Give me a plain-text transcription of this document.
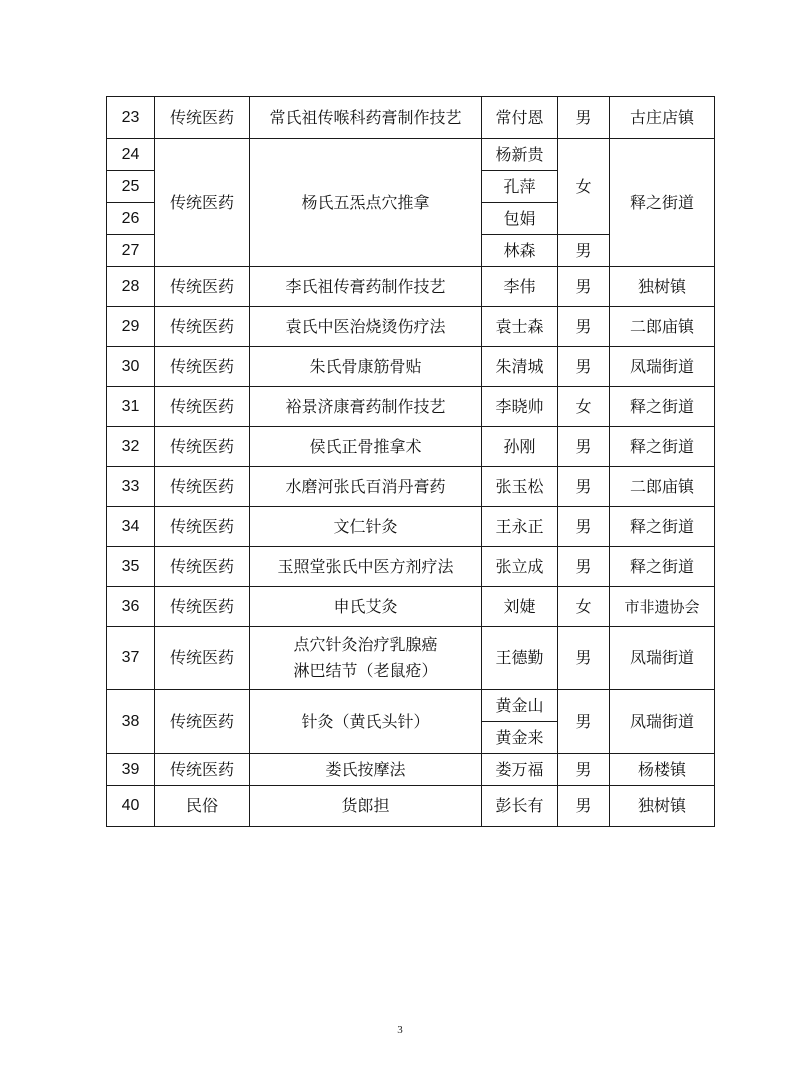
23	传统医药	常氏祖传喉科药膏制作技艺	常付恩	男	古庄店镇
24	传统医药	杨氏五炁点穴推拿	杨新贵	女	释之街道
25			孔萍		
26			包娟		
27			林森	男	
28	传统医药	李氏祖传膏药制作技艺	李伟	男	独树镇
29	传统医药	袁氏中医治烧烫伤疗法	袁士森	男	二郎庙镇
30	传统医药	朱氏骨康筋骨贴	朱清城	男	凤瑞街道
31	传统医药	裕景济康膏药制作技艺	李晓帅	女	释之街道
32	传统医药	侯氏正骨推拿术	孙刚	男	释之街道
33	传统医药	水磨河张氏百消丹膏药	张玉松	男	二郎庙镇
34	传统医药	文仁针灸	王永正	男	释之街道
35	传统医药	玉照堂张氏中医方剂疗法	张立成	男	释之街道
36	传统医药	申氏艾灸	刘婕	女	市非遗协会
37	传统医药	点穴针灸治疗乳腺癌
淋巴结节（老鼠疮）	王德勤	男	凤瑞街道
38	传统医药	针灸（黄氏头针）	黄金山	男	凤瑞街道
			黄金来		
39	传统医药	娄氏按摩法	娄万福	男	杨楼镇
40	民俗	货郎担	彭长有	男	独树镇
3
